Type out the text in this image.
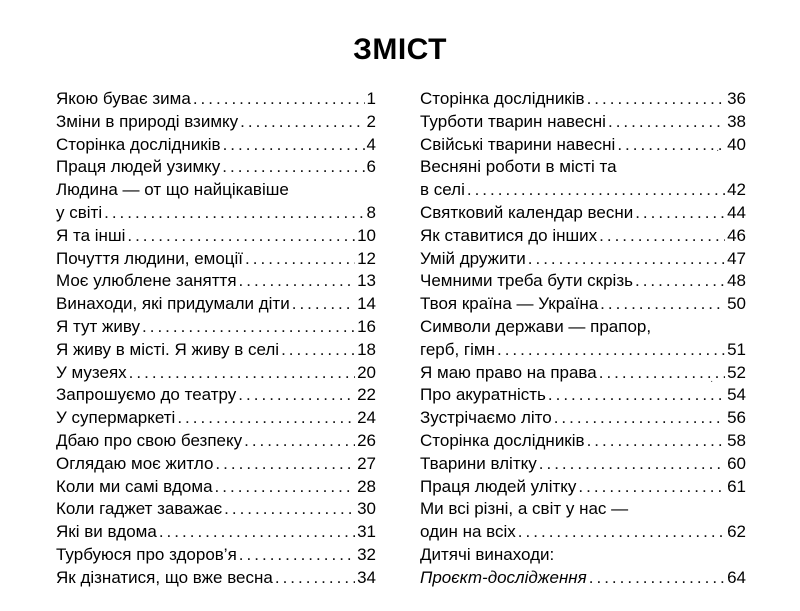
ЗМІСТ
Якою буває зима .....	1
Зміни в природі взимку .....	2
Сторінка дослідників .....	4
Праця людей узимку .....	6
Людина — от що найцікавіше
у світі .....	8
Я та інші .....	10
Почуття людини, емоції .....	12
Моє улюблене заняття .....	13
Винаходи, які придумали діти .....	14
Я тут живу .....	16
Я живу в місті. Я живу в селі .....	18
У музеях .....	20
Запрошуємо до театру .....	22
У супермаркеті .....	24
Дбаю про свою безпеку .....	26
Оглядаю моє житло .....	27
Коли ми самі вдома .....	28
Коли гаджет заважає .....	30
Які ви вдома .....	31
Турбуюся про здоров’я .....	32
Як дізнатися, що вже весна .....	34
Сторінка дослідників .....	36
Турботи тварин навесні .....	38
Свійські тварини навесні .....	40
Весняні роботи в місті та
в селі .....	42
Святковий календар весни .....	44
Як ставитися до інших .....	46
Умій дружити .....	47
Чемними треба бути скрізь .....	48
Твоя країна — Україна .....	50
Символи держави — прапор,
герб, гімн .....	51
Я маю право на права .....	52
Про акуратність .....	54
Зустрічаємо літо .....	56
Сторінка дослідників .....	58
Тварини влітку .....	60
Праця людей улітку .....	61
Ми всі різні, а світ у нас —
один на всіх .....	62
Дитячі винаходи:
Проєкт-дослідження .....	64
·
·
